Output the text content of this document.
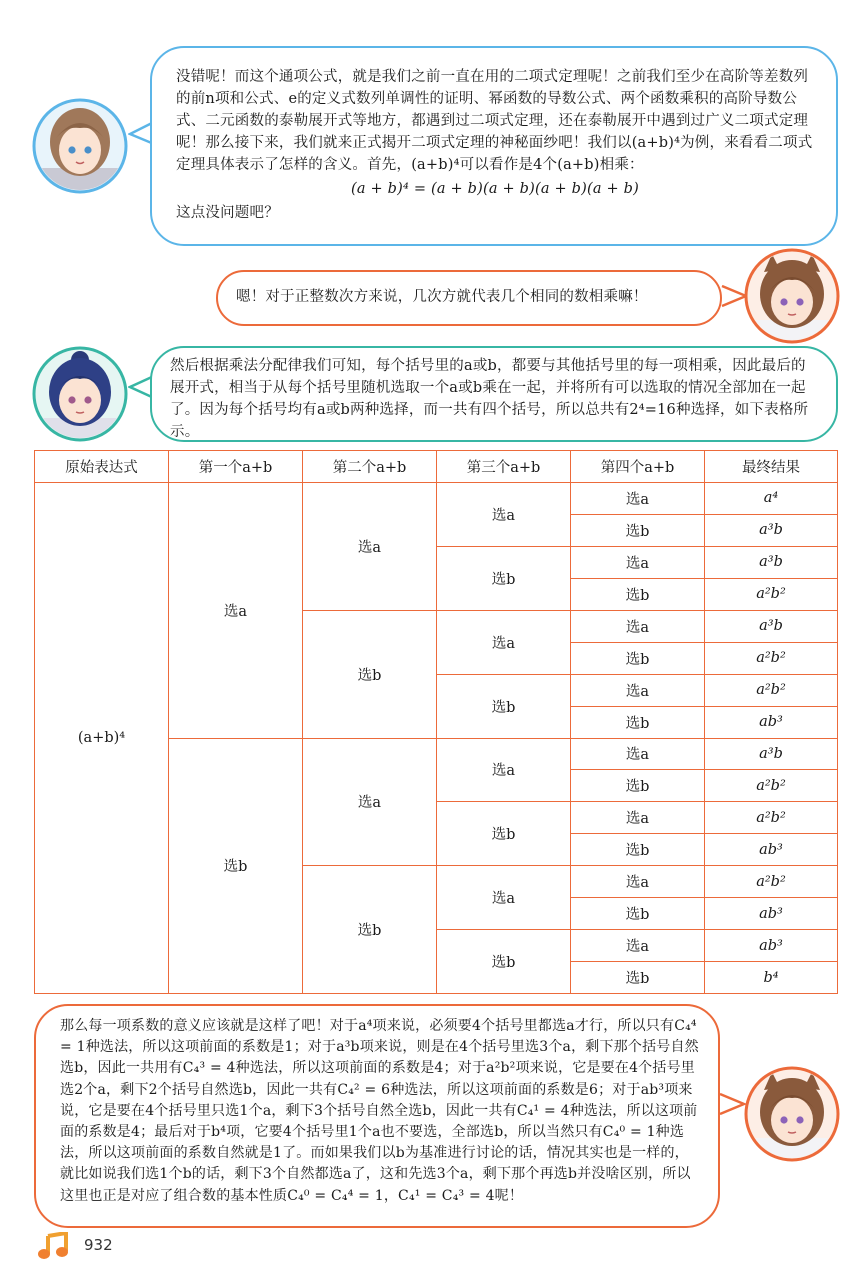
没错呢！而这个通项公式，就是我们之前一直在用的二项式定理呢！之前我们至少在高阶等差数列的前n项和公式、e的定义式数列单调性的证明、幂函数的导数公式、两个函数乘积的高阶导数公式、二元函数的泰勒展开式等地方，都遇到过二项式定理，还在泰勒展开中遇到过广义二项式定理呢！那么接下来，我们就来正式揭开二项式定理的神秘面纱吧！我们以(a+b)⁴为例，来看看二项式定理具体表示了怎样的含义。首先，(a+b)⁴可以看作是4个(a+b)相乘：
(a + b)⁴ = (a + b)(a + b)(a + b)(a + b)
这点没问题吧？
嗯！对于正整数次方来说，几次方就代表几个相同的数相乘嘛！
然后根据乘法分配律我们可知，每个括号里的a或b，都要与其他括号里的每一项相乘，因此最后的展开式，相当于从每个括号里随机选取一个a或b乘在一起，并将所有可以选取的情况全部加在一起了。因为每个括号均有a或b两种选择，而一共有四个括号，所以总共有2⁴=16种选择，如下表格所示。
原始表达式	第一个a+b	第二个a+b	第三个a+b	第四个a+b	最终结果
(a+b)⁴	选a	选a	选a	选a	a⁴
				选b	a³b
			选b	选a	a³b
				选b	a²b²
		选b	选a	选a	a³b
				选b	a²b²
			选b	选a	a²b²
				选b	ab³
	选b	选a	选a	选a	a³b
				选b	a²b²
			选b	选a	a²b²
				选b	ab³
		选b	选a	选a	a²b²
				选b	ab³
			选b	选a	ab³
				选b	b⁴
那么每一项系数的意义应该就是这样了吧！对于a⁴项来说，必须要4个括号里都选a才行，所以只有C₄⁴ = 1种选法，所以这项前面的系数是1；对于a³b项来说，则是在4个括号里选3个a，剩下那个括号自然选b，因此一共用有C₄³ = 4种选法，所以这项前面的系数是4；对于a²b²项来说，它是要在4个括号里选2个a，剩下2个括号自然选b，因此一共有C₄² = 6种选法，所以这项前面的系数是6；对于ab³项来说，它是要在4个括号里只选1个a，剩下3个括号自然全选b，因此一共有C₄¹ = 4种选法，所以这项前面的系数是4；最后对于b⁴项，它要4个括号里1个a也不要选，全部选b，所以当然只有C₄⁰ = 1种选法，所以这项前面的系数自然就是1了。而如果我们以b为基准进行讨论的话，情况其实也是一样的，就比如说我们选1个b的话，剩下3个自然都选a了，这和先选3个a，剩下那个再选b并没啥区别，所以这里也正是对应了组合数的基本性质C₄⁰ = C₄⁴ = 1，C₄¹ = C₄³ = 4呢！
932
